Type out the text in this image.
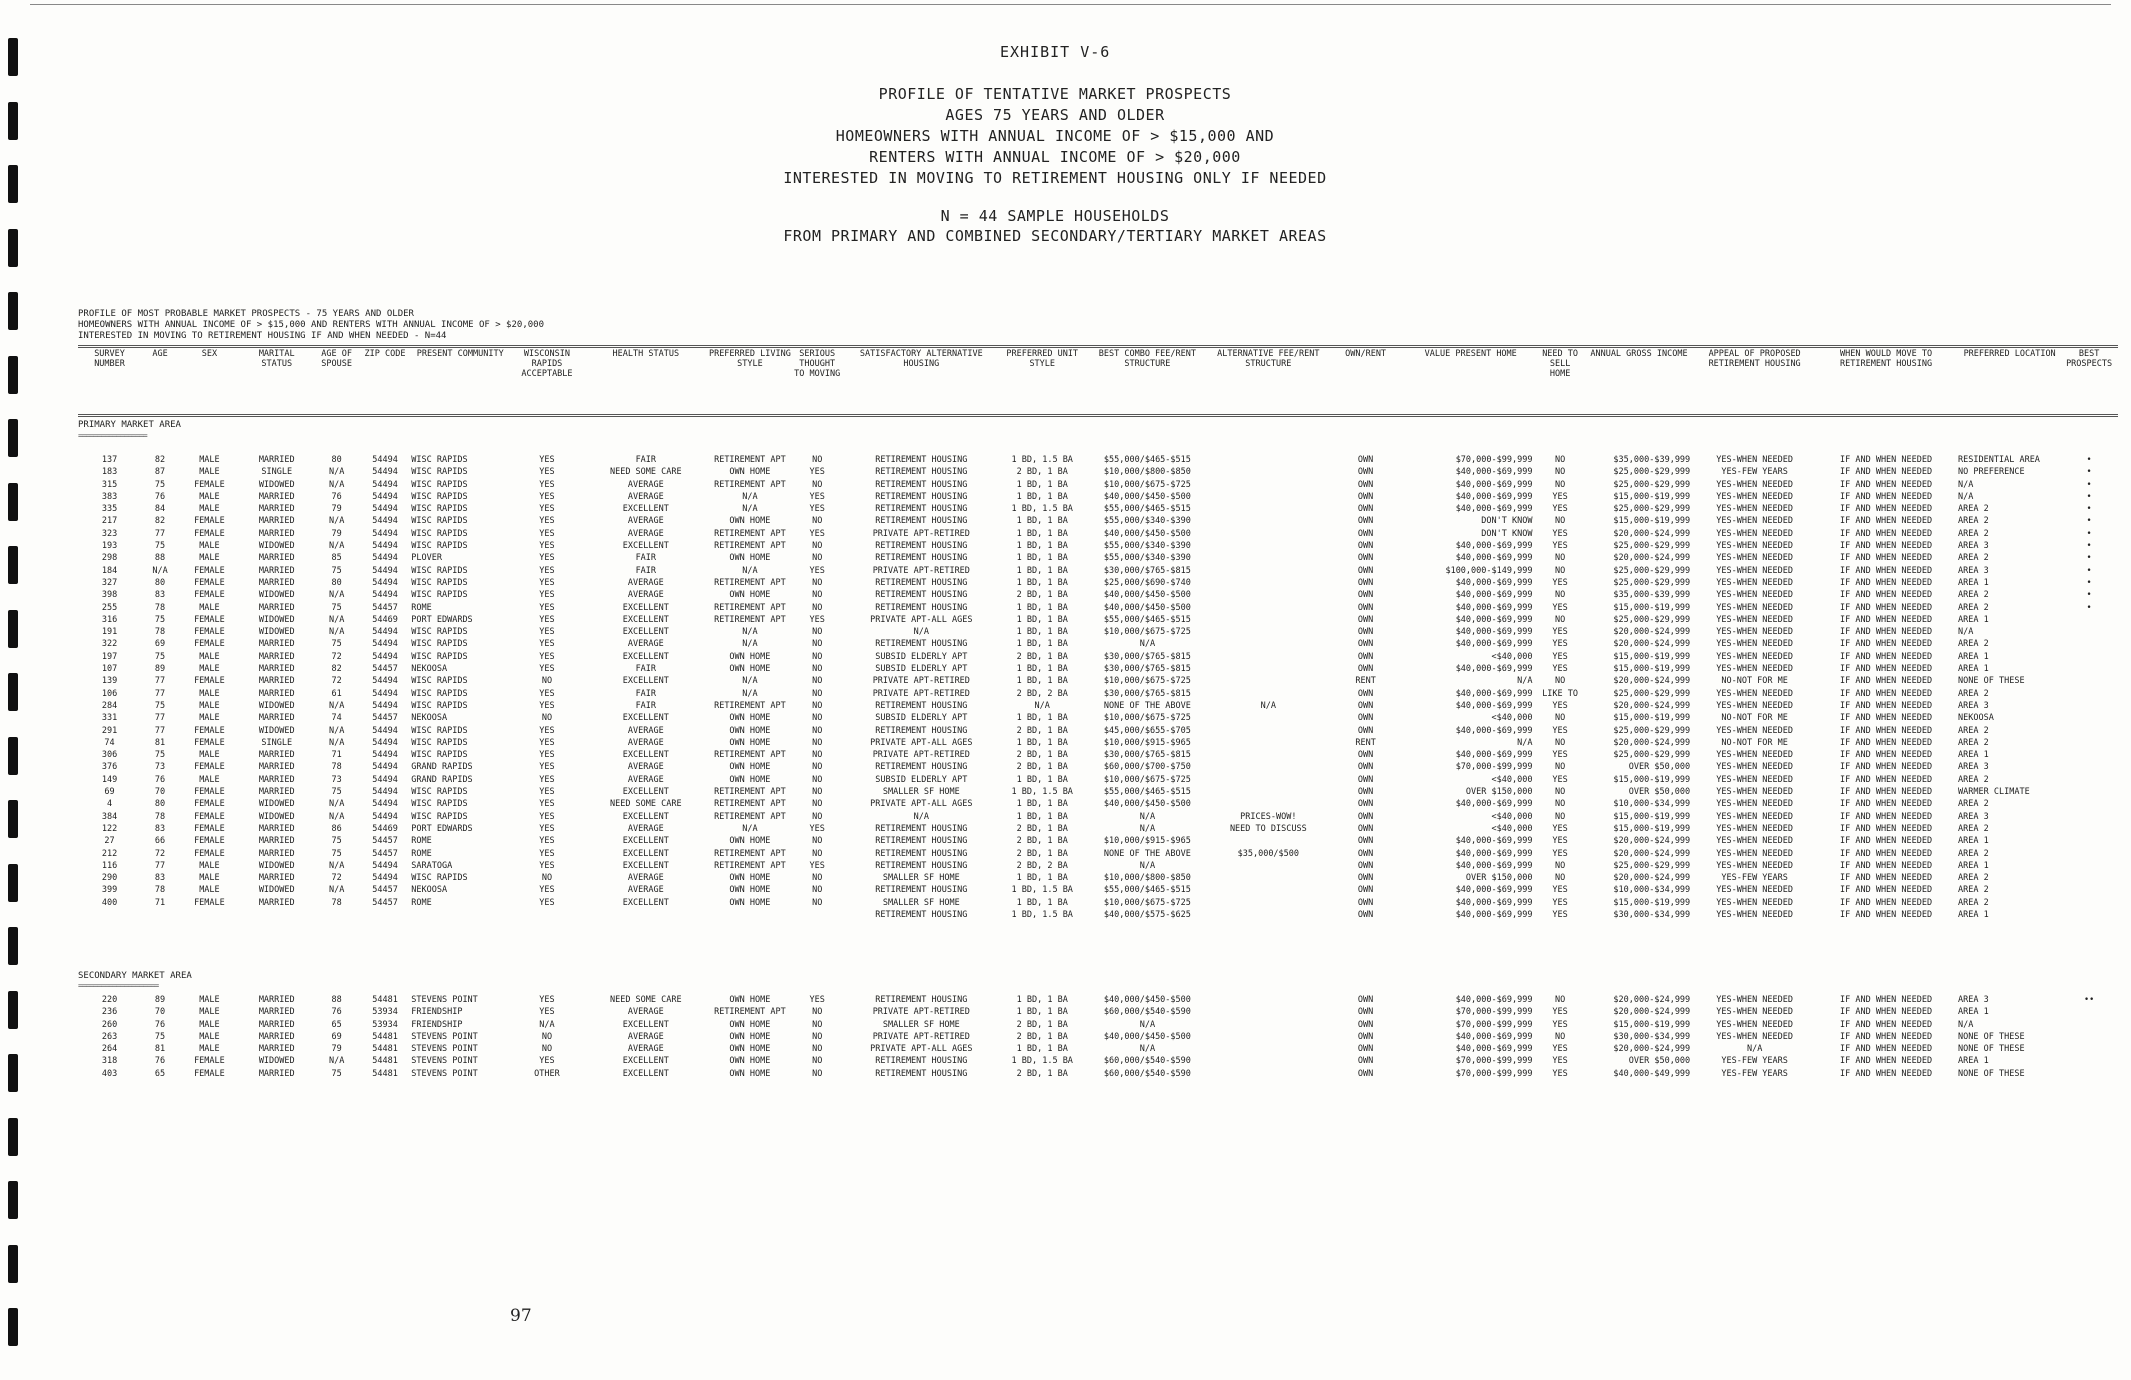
EXHIBIT V-6
PROFILE OF TENTATIVE MARKET PROSPECTS
AGES 75 YEARS AND OLDER
HOMEOWNERS WITH ANNUAL INCOME OF > $15,000 AND
RENTERS WITH ANNUAL INCOME OF > $20,000
INTERESTED IN MOVING TO RETIREMENT HOUSING ONLY IF NEEDED
N = 44 SAMPLE HOUSEHOLDS
FROM PRIMARY AND COMBINED SECONDARY/TERTIARY MARKET AREAS
PROFILE OF MOST PROBABLE MARKET PROSPECTS - 75 YEARS AND OLDER
HOMEOWNERS WITH ANNUAL INCOME OF > $15,000 AND RENTERS WITH ANNUAL INCOME OF > $20,000
INTERESTED IN MOVING TO RETIREMENT HOUSING IF AND WHEN NEEDED - N=44
SURVEY NUMBER	AGE	SEX	MARITAL STATUS	AGE OF SPOUSE	ZIP CODE	PRESENT COMMUNITY	WISCONSIN RAPIDS ACCEPTABLE	HEALTH STATUS	PREFERRED LIVING STYLE	SERIOUS THOUGHT TO MOVING	SATISFACTORY ALTERNATIVE HOUSING	PREFERRED UNIT STYLE	BEST COMBO FEE/RENT STRUCTURE	ALTERNATIVE FEE/RENT STRUCTURE	OWN/RENT	VALUE PRESENT HOME	NEED TO SELL HOME	ANNUAL GROSS INCOME	APPEAL OF PROPOSED RETIREMENT HOUSING	WHEN WOULD MOVE TO RETIREMENT HOUSING	PREFERRED LOCATION	BEST PROSPECTS

137	82	MALE	MARRIED	80	54494	WISC RAPIDS	YES	FAIR	RETIREMENT APT	NO	RETIREMENT HOUSING	1 BD, 1.5 BA	$55,000/$465-$515		OWN	$70,000-$99,999	NO	$35,000-$39,999	YES-WHEN NEEDED	IF AND WHEN NEEDED	RESIDENTIAL AREA	•
183	87	MALE	SINGLE	N/A	54494	WISC RAPIDS	YES	NEED SOME CARE	OWN HOME	YES	RETIREMENT HOUSING	2 BD, 1 BA	$10,000/$800-$850		OWN	$40,000-$69,999	NO	$25,000-$29,999	YES-FEW YEARS	IF AND WHEN NEEDED	NO PREFERENCE	•
315	75	FEMALE	WIDOWED	N/A	54494	WISC RAPIDS	YES	AVERAGE	RETIREMENT APT	NO	RETIREMENT HOUSING	1 BD, 1 BA	$10,000/$675-$725		OWN	$40,000-$69,999	NO	$25,000-$29,999	YES-WHEN NEEDED	IF AND WHEN NEEDED	N/A	•
383	76	MALE	MARRIED	76	54494	WISC RAPIDS	YES	AVERAGE	N/A	YES	RETIREMENT HOUSING	1 BD, 1 BA	$40,000/$450-$500		OWN	$40,000-$69,999	YES	$15,000-$19,999	YES-WHEN NEEDED	IF AND WHEN NEEDED	N/A	•
335	84	MALE	MARRIED	79	54494	WISC RAPIDS	YES	EXCELLENT	N/A	YES	RETIREMENT HOUSING	1 BD, 1.5 BA	$55,000/$465-$515		OWN	$40,000-$69,999	YES	$25,000-$29,999	YES-WHEN NEEDED	IF AND WHEN NEEDED	AREA 2	•
217	82	FEMALE	MARRIED	N/A	54494	WISC RAPIDS	YES	AVERAGE	OWN HOME	NO	RETIREMENT HOUSING	1 BD, 1 BA	$55,000/$340-$390		OWN	DON'T KNOW	NO	$15,000-$19,999	YES-WHEN NEEDED	IF AND WHEN NEEDED	AREA 2	•
323	77	FEMALE	MARRIED	79	54494	WISC RAPIDS	YES	AVERAGE	RETIREMENT APT	YES	PRIVATE APT-RETIRED	1 BD, 1 BA	$40,000/$450-$500		OWN	DON'T KNOW	YES	$20,000-$24,999	YES-WHEN NEEDED	IF AND WHEN NEEDED	AREA 2	•
193	75	MALE	WIDOWED	N/A	54494	WISC RAPIDS	YES	EXCELLENT	RETIREMENT APT	NO	RETIREMENT HOUSING	1 BD, 1 BA	$55,000/$340-$390		OWN	$40,000-$69,999	YES	$25,000-$29,999	YES-WHEN NEEDED	IF AND WHEN NEEDED	AREA 3	•
298	88	MALE	MARRIED	85	54494	PLOVER	YES	FAIR	OWN HOME	NO	RETIREMENT HOUSING	1 BD, 1 BA	$55,000/$340-$390		OWN	$40,000-$69,999	NO	$20,000-$24,999	YES-WHEN NEEDED	IF AND WHEN NEEDED	AREA 2	•
184	N/A	FEMALE	MARRIED	75	54494	WISC RAPIDS	YES	FAIR	N/A	YES	PRIVATE APT-RETIRED	1 BD, 1 BA	$30,000/$765-$815		OWN	$100,000-$149,999	NO	$25,000-$29,999	YES-WHEN NEEDED	IF AND WHEN NEEDED	AREA 3	•
327	80	FEMALE	MARRIED	80	54494	WISC RAPIDS	YES	AVERAGE	RETIREMENT APT	NO	RETIREMENT HOUSING	1 BD, 1 BA	$25,000/$690-$740		OWN	$40,000-$69,999	YES	$25,000-$29,999	YES-WHEN NEEDED	IF AND WHEN NEEDED	AREA 1	•
398	83	FEMALE	WIDOWED	N/A	54494	WISC RAPIDS	YES	AVERAGE	OWN HOME	NO	RETIREMENT HOUSING	2 BD, 1 BA	$40,000/$450-$500		OWN	$40,000-$69,999	NO	$35,000-$39,999	YES-WHEN NEEDED	IF AND WHEN NEEDED	AREA 2	•
255	78	MALE	MARRIED	75	54457	ROME	YES	EXCELLENT	RETIREMENT APT	NO	RETIREMENT HOUSING	1 BD, 1 BA	$40,000/$450-$500		OWN	$40,000-$69,999	YES	$15,000-$19,999	YES-WHEN NEEDED	IF AND WHEN NEEDED	AREA 2	•
316	75	FEMALE	WIDOWED	N/A	54469	PORT EDWARDS	YES	EXCELLENT	RETIREMENT APT	YES	PRIVATE APT-ALL AGES	1 BD, 1 BA	$55,000/$465-$515		OWN	$40,000-$69,999	NO	$25,000-$29,999	YES-WHEN NEEDED	IF AND WHEN NEEDED	AREA 1	
191	78	FEMALE	WIDOWED	N/A	54494	WISC RAPIDS	YES	EXCELLENT	N/A	NO	N/A	1 BD, 1 BA	$10,000/$675-$725		OWN	$40,000-$69,999	YES	$20,000-$24,999	YES-WHEN NEEDED	IF AND WHEN NEEDED	N/A	
322	69	FEMALE	MARRIED	75	54494	WISC RAPIDS	YES	AVERAGE	N/A	NO	RETIREMENT HOUSING	1 BD, 1 BA	N/A		OWN	$40,000-$69,999	YES	$20,000-$24,999	YES-WHEN NEEDED	IF AND WHEN NEEDED	AREA 2	
197	75	MALE	MARRIED	72	54494	WISC RAPIDS	YES	EXCELLENT	OWN HOME	NO	SUBSID ELDERLY APT	2 BD, 1 BA	$30,000/$765-$815		OWN	<$40,000	YES	$15,000-$19,999	YES-WHEN NEEDED	IF AND WHEN NEEDED	AREA 1	
107	89	MALE	MARRIED	82	54457	NEKOOSA	YES	FAIR	OWN HOME	NO	SUBSID ELDERLY APT	1 BD, 1 BA	$30,000/$765-$815		OWN	$40,000-$69,999	YES	$15,000-$19,999	YES-WHEN NEEDED	IF AND WHEN NEEDED	AREA 1	
139	77	FEMALE	MARRIED	72	54494	WISC RAPIDS	NO	EXCELLENT	N/A	NO	PRIVATE APT-RETIRED	1 BD, 1 BA	$10,000/$675-$725		RENT	N/A	NO	$20,000-$24,999	NO-NOT FOR ME	IF AND WHEN NEEDED	NONE OF THESE	
106	77	MALE	MARRIED	61	54494	WISC RAPIDS	YES	FAIR	N/A	NO	PRIVATE APT-RETIRED	2 BD, 2 BA	$30,000/$765-$815		OWN	$40,000-$69,999	LIKE TO	$25,000-$29,999	YES-WHEN NEEDED	IF AND WHEN NEEDED	AREA 2	
284	75	MALE	WIDOWED	N/A	54494	WISC RAPIDS	YES	FAIR	RETIREMENT APT	NO	RETIREMENT HOUSING	N/A	NONE OF THE ABOVE	N/A	OWN	$40,000-$69,999	YES	$20,000-$24,999	YES-WHEN NEEDED	IF AND WHEN NEEDED	AREA 3	
331	77	MALE	MARRIED	74	54457	NEKOOSA	NO	EXCELLENT	OWN HOME	NO	SUBSID ELDERLY APT	1 BD, 1 BA	$10,000/$675-$725		OWN	<$40,000	NO	$15,000-$19,999	NO-NOT FOR ME	IF AND WHEN NEEDED	NEKOOSA	
291	77	FEMALE	WIDOWED	N/A	54494	WISC RAPIDS	YES	AVERAGE	OWN HOME	NO	RETIREMENT HOUSING	2 BD, 1 BA	$45,000/$655-$705		OWN	$40,000-$69,999	YES	$25,000-$29,999	YES-WHEN NEEDED	IF AND WHEN NEEDED	AREA 2	
74	81	FEMALE	SINGLE	N/A	54494	WISC RAPIDS	YES	AVERAGE	OWN HOME	NO	PRIVATE APT-ALL AGES	1 BD, 1 BA	$10,000/$915-$965		RENT	N/A	NO	$20,000-$24,999	NO-NOT FOR ME	IF AND WHEN NEEDED	AREA 2	
306	75	MALE	MARRIED	71	54494	WISC RAPIDS	YES	EXCELLENT	RETIREMENT APT	NO	PRIVATE APT-RETIRED	2 BD, 1 BA	$30,000/$765-$815		OWN	$40,000-$69,999	YES	$25,000-$29,999	YES-WHEN NEEDED	IF AND WHEN NEEDED	AREA 1	
376	73	FEMALE	MARRIED	78	54494	GRAND RAPIDS	YES	AVERAGE	OWN HOME	NO	RETIREMENT HOUSING	2 BD, 1 BA	$60,000/$700-$750		OWN	$70,000-$99,999	NO	OVER $50,000	YES-WHEN NEEDED	IF AND WHEN NEEDED	AREA 3	
149	76	MALE	MARRIED	73	54494	GRAND RAPIDS	YES	AVERAGE	OWN HOME	NO	SUBSID ELDERLY APT	1 BD, 1 BA	$10,000/$675-$725		OWN	<$40,000	YES	$15,000-$19,999	YES-WHEN NEEDED	IF AND WHEN NEEDED	AREA 2	
69	70	FEMALE	MARRIED	75	54494	WISC RAPIDS	YES	EXCELLENT	RETIREMENT APT	NO	SMALLER SF HOME	1 BD, 1.5 BA	$55,000/$465-$515		OWN	OVER $150,000	NO	OVER $50,000	YES-WHEN NEEDED	IF AND WHEN NEEDED	WARMER CLIMATE	
4	80	FEMALE	WIDOWED	N/A	54494	WISC RAPIDS	YES	NEED SOME CARE	RETIREMENT APT	NO	PRIVATE APT-ALL AGES	1 BD, 1 BA	$40,000/$450-$500		OWN	$40,000-$69,999	NO	$10,000-$34,999	YES-WHEN NEEDED	IF AND WHEN NEEDED	AREA 2	
384	78	FEMALE	WIDOWED	N/A	54494	WISC RAPIDS	YES	EXCELLENT	RETIREMENT APT	NO	N/A	1 BD, 1 BA	N/A	PRICES-WOW!	OWN	<$40,000	NO	$15,000-$19,999	YES-WHEN NEEDED	IF AND WHEN NEEDED	AREA 3	
122	83	FEMALE	MARRIED	86	54469	PORT EDWARDS	YES	AVERAGE	N/A	YES	RETIREMENT HOUSING	2 BD, 1 BA	N/A	NEED TO DISCUSS	OWN	<$40,000	YES	$15,000-$19,999	YES-WHEN NEEDED	IF AND WHEN NEEDED	AREA 2	
27	66	FEMALE	MARRIED	75	54457	ROME	YES	EXCELLENT	OWN HOME	NO	RETIREMENT HOUSING	2 BD, 1 BA	$10,000/$915-$965		OWN	$40,000-$69,999	YES	$20,000-$24,999	YES-WHEN NEEDED	IF AND WHEN NEEDED	AREA 1	
212	72	FEMALE	MARRIED	75	54457	ROME	YES	EXCELLENT	RETIREMENT APT	NO	RETIREMENT HOUSING	2 BD, 1 BA	NONE OF THE ABOVE	$35,000/$500	OWN	$40,000-$69,999	YES	$20,000-$24,999	YES-WHEN NEEDED	IF AND WHEN NEEDED	AREA 2	
116	77	MALE	WIDOWED	N/A	54494	SARATOGA	YES	EXCELLENT	RETIREMENT APT	YES	RETIREMENT HOUSING	2 BD, 2 BA	N/A		OWN	$40,000-$69,999	NO	$25,000-$29,999	YES-WHEN NEEDED	IF AND WHEN NEEDED	AREA 1	
290	83	MALE	MARRIED	72	54494	WISC RAPIDS	NO	AVERAGE	OWN HOME	NO	SMALLER SF HOME	1 BD, 1 BA	$10,000/$800-$850		OWN	OVER $150,000	NO	$20,000-$24,999	YES-FEW YEARS	IF AND WHEN NEEDED	AREA 2	
399	78	MALE	WIDOWED	N/A	54457	NEKOOSA	YES	AVERAGE	OWN HOME	NO	RETIREMENT HOUSING	1 BD, 1.5 BA	$55,000/$465-$515		OWN	$40,000-$69,999	YES	$10,000-$34,999	YES-WHEN NEEDED	IF AND WHEN NEEDED	AREA 2	
400	71	FEMALE	MARRIED	78	54457	ROME	YES	EXCELLENT	OWN HOME	NO	SMALLER SF HOME	1 BD, 1 BA	$10,000/$675-$725		OWN	$40,000-$69,999	YES	$15,000-$19,999	YES-WHEN NEEDED	IF AND WHEN NEEDED	AREA 2	
											RETIREMENT HOUSING	1 BD, 1.5 BA	$40,000/$575-$625		OWN	$40,000-$69,999	YES	$30,000-$34,999	YES-WHEN NEEDED	IF AND WHEN NEEDED	AREA 1	
PRIMARY MARKET AREA
==================
SECONDARY MARKET AREA
=====================
220	89	MALE	MARRIED	88	54481	STEVENS POINT	YES	NEED SOME CARE	OWN HOME	YES	RETIREMENT HOUSING	1 BD, 1 BA	$40,000/$450-$500		OWN	$40,000-$69,999	NO	$20,000-$24,999	YES-WHEN NEEDED	IF AND WHEN NEEDED	AREA 3	••
236	70	MALE	MARRIED	76	53934	FRIENDSHIP	YES	AVERAGE	RETIREMENT APT	NO	PRIVATE APT-RETIRED	1 BD, 1 BA	$60,000/$540-$590		OWN	$70,000-$99,999	YES	$20,000-$24,999	YES-WHEN NEEDED	IF AND WHEN NEEDED	AREA 1	
260	76	MALE	MARRIED	65	53934	FRIENDSHIP	N/A	EXCELLENT	OWN HOME	NO	SMALLER SF HOME	2 BD, 1 BA	N/A		OWN	$70,000-$99,999	YES	$15,000-$19,999	YES-WHEN NEEDED	IF AND WHEN NEEDED	N/A	
263	75	MALE	MARRIED	69	54481	STEVENS POINT	NO	AVERAGE	OWN HOME	NO	PRIVATE APT-RETIRED	2 BD, 1 BA	$40,000/$450-$500		OWN	$40,000-$69,999	NO	$30,000-$34,999	YES-WHEN NEEDED	IF AND WHEN NEEDED	NONE OF THESE	
264	81	MALE	MARRIED	79	54481	STEVENS POINT	NO	AVERAGE	OWN HOME	NO	PRIVATE APT-ALL AGES	1 BD, 1 BA	N/A		OWN	$40,000-$69,999	YES	$20,000-$24,999	N/A	IF AND WHEN NEEDED	NONE OF THESE	
318	76	FEMALE	WIDOWED	N/A	54481	STEVENS POINT	YES	EXCELLENT	OWN HOME	NO	RETIREMENT HOUSING	1 BD, 1.5 BA	$60,000/$540-$590		OWN	$70,000-$99,999	YES	OVER $50,000	YES-FEW YEARS	IF AND WHEN NEEDED	AREA 1	
403	65	FEMALE	MARRIED	75	54481	STEVENS POINT	OTHER	EXCELLENT	OWN HOME	NO	RETIREMENT HOUSING	2 BD, 1 BA	$60,000/$540-$590		OWN	$70,000-$99,999	YES	$40,000-$49,999	YES-FEW YEARS	IF AND WHEN NEEDED	NONE OF THESE	
97
